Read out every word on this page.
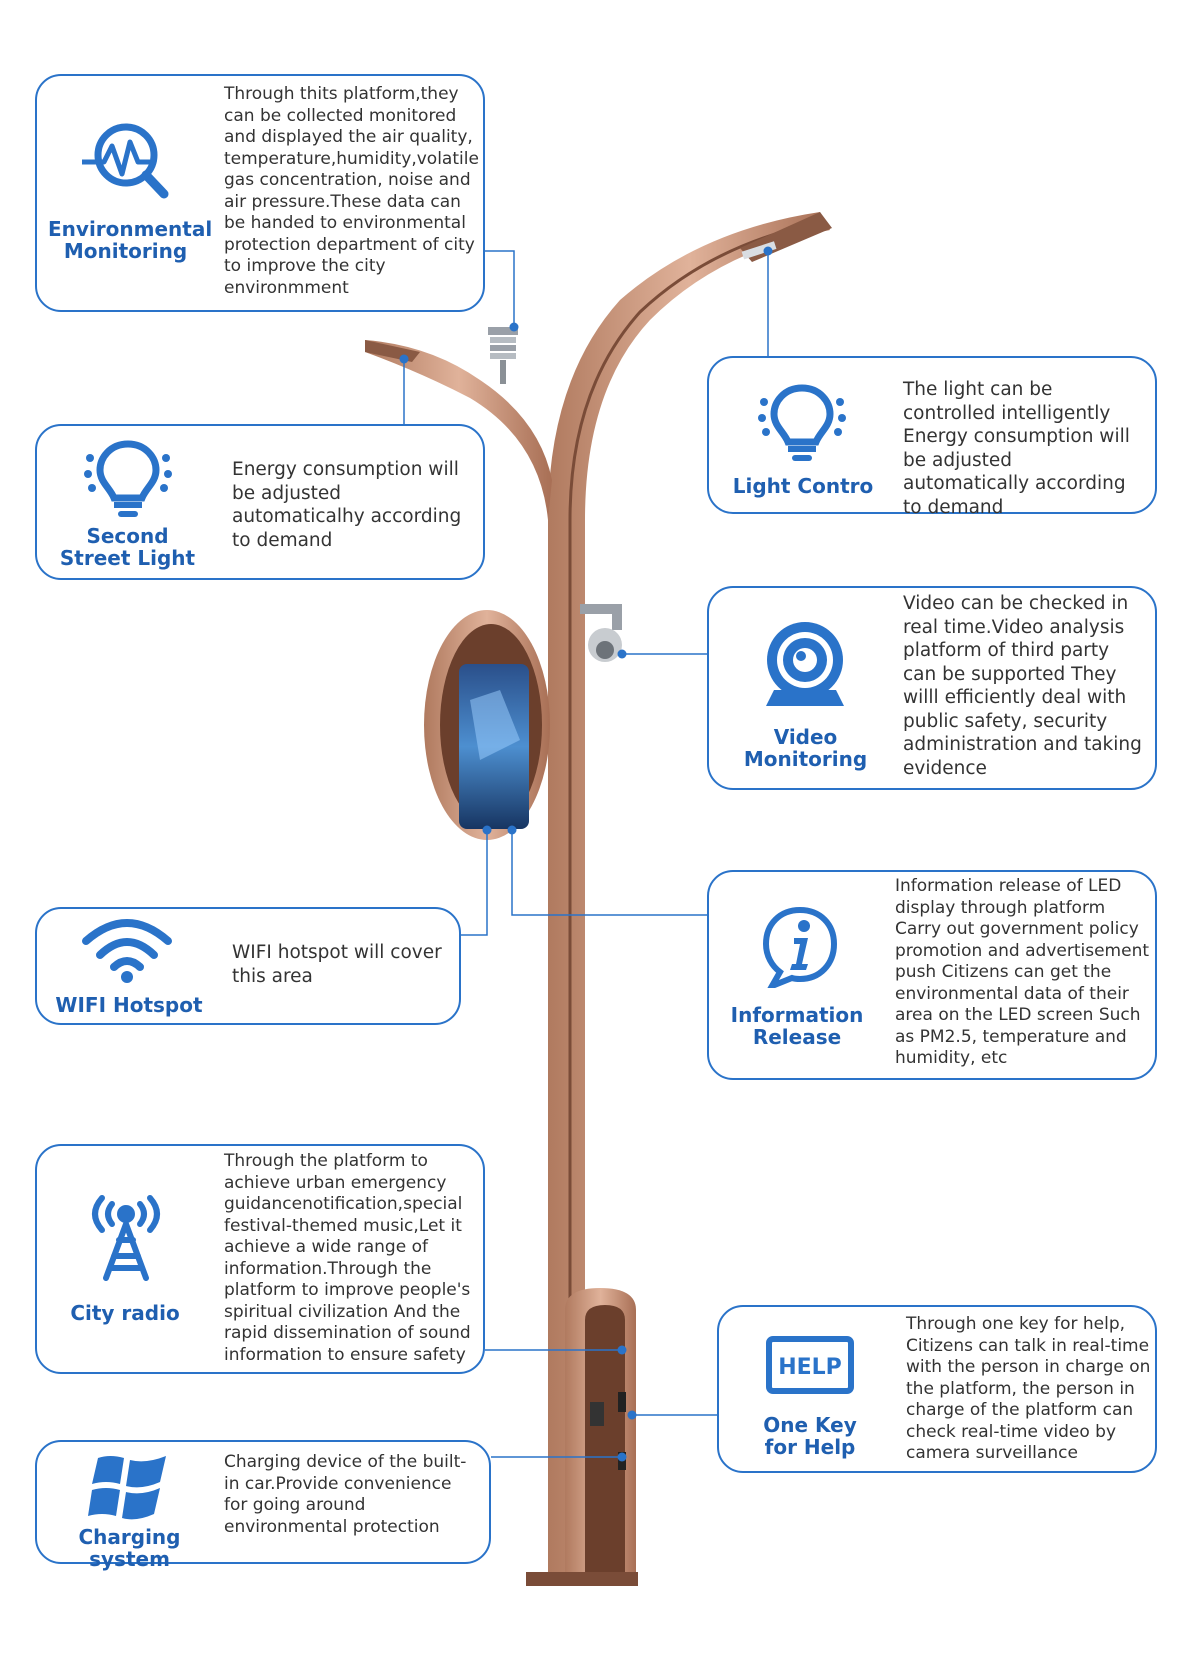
Environmental
Monitoring
Through thits platform,they can be collected monitored and displayed the air quality, temperature,humidity,volatile gas concentration, noise and air pressure.These data can be handed to environmental protection department of city to improve the city environmment
Second
Street Light
Energy consumption will be adjusted automaticalhy according to demand
Light Contro
The light can be controlled intelligently Energy consumption will be adjusted automatically according to demand
Video Monitoring
Video can be checked in real time.Video analysis platform of third party can be supported They willl efficiently deal with public safety, security administration and taking evidence
WIFI Hotspot
WIFI hotspot will cover this area
Information
Release
Information release of LED display through platform Carry out government policy promotion and advertisement push Citizens can get the environmental data of their area on the LED screen Such as PM2.5, temperature and humidity, etc
City radio
Through the platform to achieve urban emergency guidancenotification,special festival-themed music,Let it achieve a wide range of information.Through the platform to improve people's spiritual civilization And the rapid dissemination of sound information to ensure safety
HELP
One Key
for Help
Through one key for help, Citizens can talk in real-time with the person in charge on the platform, the person in charge of the platform can check real-time video by camera surveillance
Charging system
Charging device of the built-in car.Provide convenience for going around environmental protection
